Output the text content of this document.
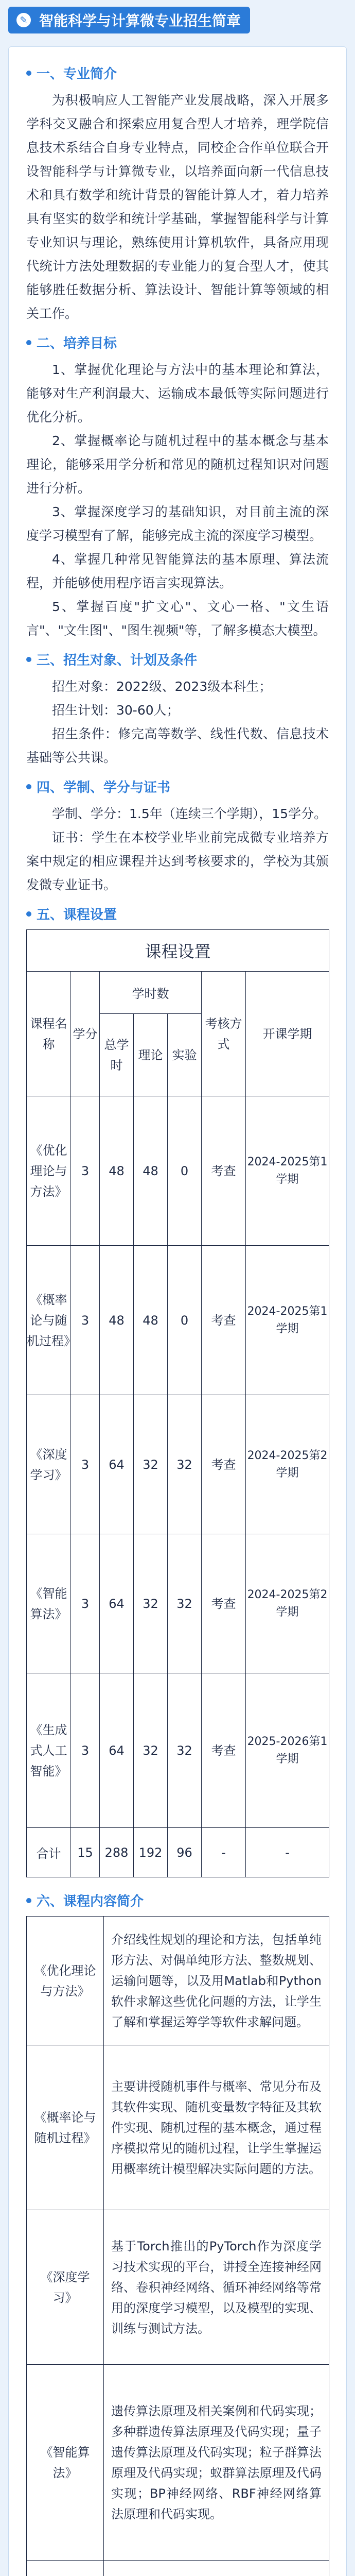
✎ 智能科学与计算微专业招生简章
一、专业简介

为积极响应人工智能产业发展战略，深入开展多学科交叉融合和探索应用复合型人才培养，理学院信息技术系结合自身专业特点，同校企合作单位联合开设智能科学与计算微专业，以培养面向新一代信息技术和具有数学和统计背景的智能计算人才，着力培养具有坚实的数学和统计学基础，掌握智能科学与计算专业知识与理论，熟练使用计算机软件，具备应用现代统计方法处理数据的专业能力的复合型人才，使其能够胜任数据分析、算法设计、智能计算等领域的相关工作。

二、培养目标

1、掌握优化理论与方法中的基本理论和算法，能够对生产利润最大、运输成本最低等实际问题进行优化分析。

2、掌握概率论与随机过程中的基本概念与基本理论，能够采用学分析和常见的随机过程知识对问题进行分析。

3、掌握深度学习的基础知识，对目前主流的深度学习模型有了解，能够完成主流的深度学习模型。

4、掌握几种常见智能算法的基本原理、算法流程，并能够使用程序语言实现算法。

5、掌握百度"扩文心"、文心一格、"文生语言"、"文生图"、"图生视频"等，了解多模态大模型。

三、招生对象、计划及条件

招生对象：2022级、2023级本科生；

招生计划：30-60人；

招生条件：修完高等数学、线性代数、信息技术基础等公共课。

四、学制、学分与证书

学制、学分：1.5年（连续三个学期），15学分。

证书：学生在本校学业毕业前完成微专业培养方案中规定的相应课程并达到考核要求的，学校为其颁发微专业证书。

五、课程设置
课程设置						
课程名称	学分	学时数			考核方式	开课学期
		总学时	理论	实验		
《优化理论与方法》	3	48	48	0	考查	2024-2025第1学期
《概率论与随机过程》	3	48	48	0	考查	2024-2025第1学期
《深度学习》	3	64	32	32	考查	2024-2025第2学期
《智能算法》	3	64	32	32	考查	2024-2025第2学期
《生成式人工智能》	3	64	32	32	考查	2025-2026第1学期
合计	15	288	192	96	-	-
六、课程内容简介
《优化理论与方法》	介绍线性规划的理论和方法，包括单纯形方法、对偶单纯形方法、整数规划、运输问题等，以及用Matlab和Python软件求解这些优化问题的方法，让学生了解和掌握运筹学等软件求解问题。
《概率论与随机过程》	主要讲授随机事件与概率、常见分布及其软件实现、随机变量数字特征及其软件实现、随机过程的基本概念，通过程序模拟常见的随机过程，让学生掌握运用概率统计模型解决实际问题的方法。
《深度学习》	基于Torch推出的PyTorch作为深度学习技术实现的平台，讲授全连接神经网络、卷积神经网络、循环神经网络等常用的深度学习模型，以及模型的实现、训练与测试方法。
《智能算法》	遗传算法原理及相关案例和代码实现；多种群遗传算法原理及代码实现；量子遗传算法原理及代码实现；粒子群算法原理及代码实现；蚁群算法原理及代码实现；BP神经网络、RBF神经网络算法原理和代码实现。
